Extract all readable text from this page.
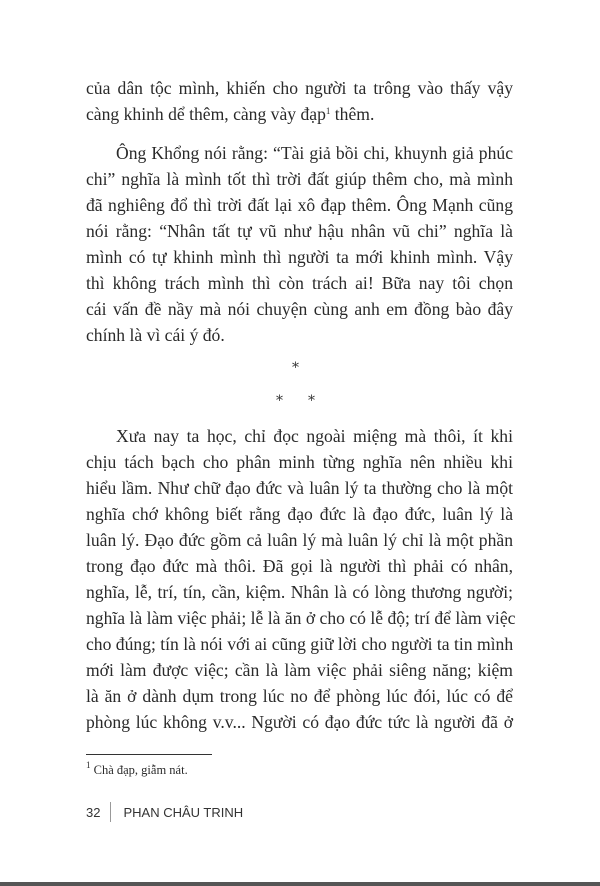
của dân tộc mình, khiến cho người ta trông vào thấy vậy
càng khinh dể thêm, càng vày đạp$^1$ thêm.
Ông Khổng nói rằng: “Tài giả bồi chi, khuynh giả phúc
chi” nghĩa là mình tốt thì trời đất giúp thêm cho, mà mình
đã nghiêng đổ thì trời đất lại xô đạp thêm. Ông Mạnh cũng
nói rằng: “Nhân tất tự vũ như hậu nhân vũ chi” nghĩa là
mình có tự khinh mình thì người ta mới khinh mình. Vậy
thì không trách mình thì còn trách ai! Bữa nay tôi chọn
cái vấn đề nầy mà nói chuyện cùng anh em đồng bào đây
chính là vì cái ý đó.
*
* *
Xưa nay ta học, chỉ đọc ngoài miệng mà thôi, ít khi
chịu tách bạch cho phân minh từng nghĩa nên nhiều khi
hiểu lầm. Như chữ đạo đức và luân lý ta thường cho là một
nghĩa chớ không biết rằng đạo đức là đạo đức, luân lý là
luân lý. Đạo đức gồm cả luân lý mà luân lý chỉ là một phần
trong đạo đức mà thôi. Đã gọi là người thì phải có nhân,
nghĩa, lễ, trí, tín, cần, kiệm. Nhân là có lòng thương người;
nghĩa là làm việc phải; lễ là ăn ở cho có lễ độ; trí để làm việc
cho đúng; tín là nói với ai cũng giữ lời cho người ta tin mình
mới làm được việc; cần là làm việc phải siêng năng; kiệm
là ăn ở dành dụm trong lúc no để phòng lúc đói, lúc có để
phòng lúc không v.v... Người có đạo đức tức là người đã ở
$^1$ Chà đạp, giẫm nát.
32 PHAN CHÂU TRINH
